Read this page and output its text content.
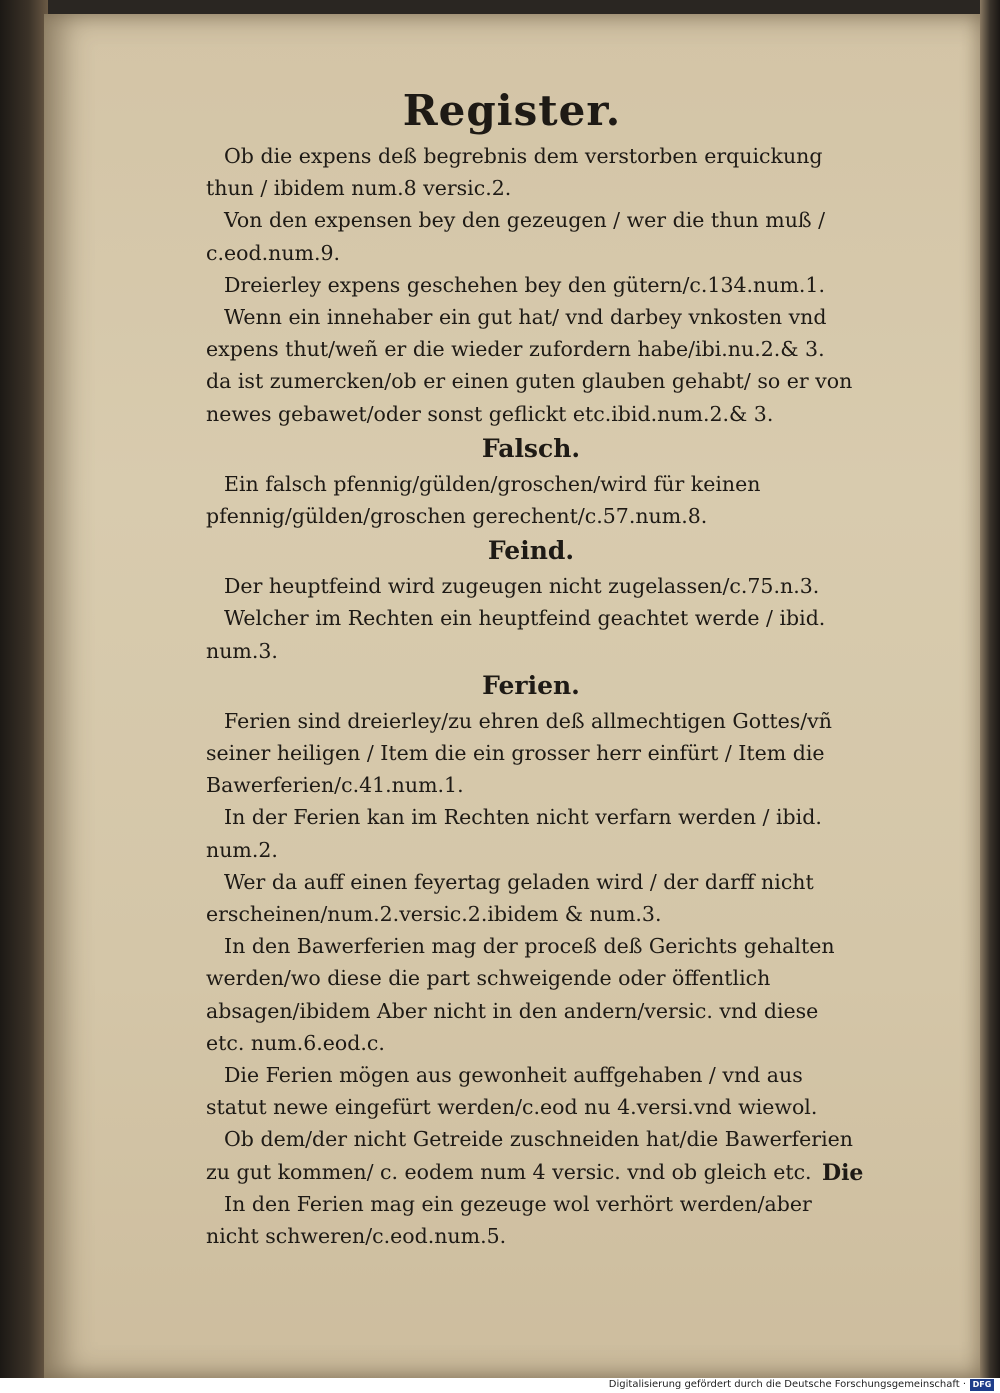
Register.

Ob die expens deß begrebnis dem verstorben erquickung thun / ibidem num.8 versic.2.

Von den expensen bey den gezeugen / wer die thun muß / c.eod.num.9.

Dreierley expens geschehen bey den gütern/c.134.num.1.

Wenn ein innehaber ein gut hat/ vnd darbey vnkosten vnd expens thut/weñ er die wieder zufordern habe/ibi.nu.2.& 3. da ist zumercken/ob er einen guten glauben gehabt/ so er von newes gebawet/oder sonst geflickt etc.ibid.num.2.& 3.

Falsch.

Ein falsch pfennig/gülden/groschen/wird für keinen pfennig/gülden/groschen gerechent/c.57.num.8.

Feind.

Der heuptfeind wird zugeugen nicht zugelassen/c.75.n.3.

Welcher im Rechten ein heuptfeind geachtet werde / ibid. num.3.

Ferien.

Ferien sind dreierley/zu ehren deß allmechtigen Gottes/vñ seiner heiligen / Item die ein grosser herr einfürt / Item die Bawerferien/c.41.num.1.

In der Ferien kan im Rechten nicht verfarn werden / ibid. num.2.

Wer da auff einen feyertag geladen wird / der darff nicht erscheinen/num.2.versic.2.ibidem & num.3.

In den Bawerferien mag der proceß deß Gerichts gehalten werden/wo diese die part schweigende oder öffentlich absagen/ibidem Aber nicht in den andern/versic. vnd diese etc. num.6.eod.c.

Die Ferien mögen aus gewonheit auffgehaben / vnd aus statut newe eingefürt werden/c.eod nu 4.versi.vnd wiewol.

Ob dem/der nicht Getreide zuschneiden hat/die Bawerferien zu gut kommen/ c. eodem num 4 versic. vnd ob gleich etc.

In den Ferien mag ein gezeuge wol verhört werden/aber nicht schweren/c.eod.num.5.

Die
Digitalisierung gefördert durch die Deutsche Forschungsgemeinschaft · DFG
